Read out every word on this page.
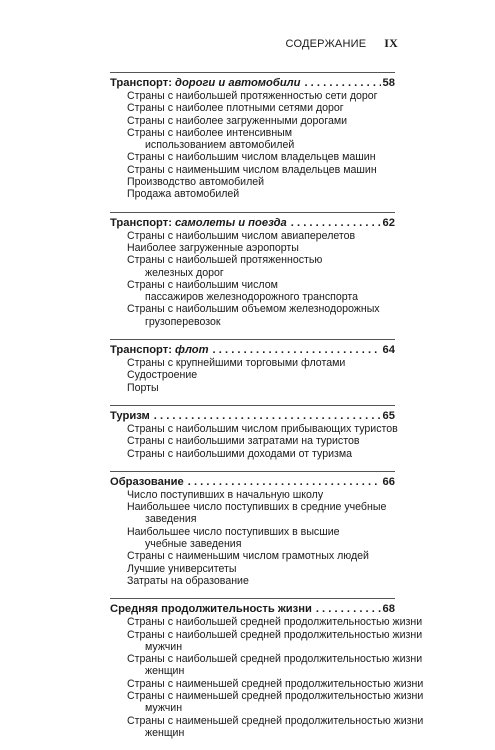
СОДЕРЖАНИЕ IX
Транспорт: дороги и автомобили . . .	58
Страны с наибольшей протяженностью сети дорог
Страны с наиболее плотными сетями дорог
Страны с наиболее загруженными дорогами
Страны с наиболее интенсивным
использованием автомобилей
Страны с наибольшим числом владельцев машин
Страны с наименьшим числом владельцев машин
Производство автомобилей
Продажа автомобилей
Транспорт: самолеты и поезда . . .	62
Страны с наибольшим числом авиаперелетов
Наиболее загруженные аэропорты
Страны с наибольшей протяженностью
железных дорог
Страны с наибольшим числом
пассажиров железнодорожного транспорта
Страны с наибольшим объемом железнодорожных
грузоперевозок
Транспорт: флот . . .	64
Страны с крупнейшими торговыми флотами
Судостроение
Порты
Туризм . . .	65
Страны с наибольшим числом прибывающих туристов
Страны с наибольшими затратами на туристов
Страны с наибольшими доходами от туризма
Образование . . .	66
Число поступивших в начальную школу
Наибольшее число поступивших в средние учебные
заведения
Наибольшее число поступивших в высшие
учебные заведения
Страны с наименьшим числом грамотных людей
Лучшие университеты
Затраты на образование
Средняя продолжительность жизни . . .	68
Страны с наибольшей средней продолжительностью жизни
Страны с наибольшей средней продолжительностью жизни
мужчин
Страны с наибольшей средней продолжительностью жизни
женщин
Страны с наименьшей средней продолжительностью жизни
Страны с наименьшей средней продолжительностью жизни
мужчин
Страны с наименьшей средней продолжительностью жизни
женщин
